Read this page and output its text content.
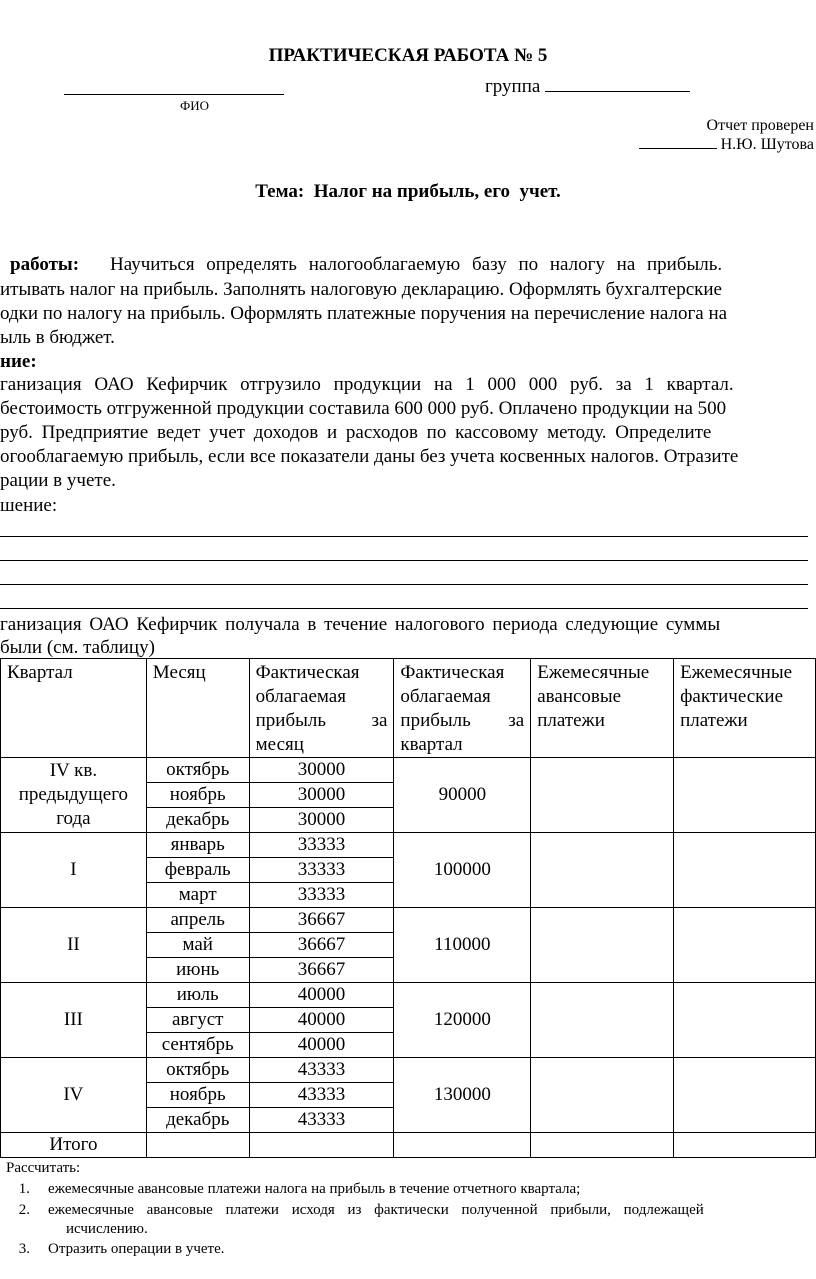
ПРАКТИЧЕСКАЯ РАБОТА № 5
группа
ФИО
Отчет проверен
Н.Ю. Шутова
Тема:  Налог на прибыль, его  учет.
работы: Научиться определять налогооблагаемую базу по налогу на прибыль.
итывать налог на прибыль. Заполнять налоговую декларацию. Оформлять бухгалтерские
одки по налогу на прибыль. Оформлять платежные поручения на перечисление налога на
ыль в бюджет.
ние:
ганизация ОАО Кефирчик отгрузило продукции на 1 000 000 руб. за 1 квартал.
бестоимость отгруженной продукции составила 600 000 руб. Оплачено продукции на 500
руб. Предприятие ведет учет доходов и расходов по кассовому методу. Определите
огооблагаемую прибыль, если все показатели даны без учета косвенных налогов. Отразите
рации в учете.
шение:
ганизация ОАО Кефирчик получала в течение налогового периода следующие суммы
были (см. таблицу)
Квартал	Месяц	Фактическая облагаемая прибыль за месяц	Фактическая облагаемая прибыль за квартал	Ежемесячные авансовые платежи	Ежемесячные фактические платежи
IV кв. предыдущего года	октябрь	30000	90000		
	ноябрь	30000			
	декабрь	30000			
I	январь	33333	100000		
	февраль	33333			
	март	33333			
II	апрель	36667	110000		
	май	36667			
	июнь	36667			
III	июль	40000	120000		
	август	40000			
	сентябрь	40000			
IV	октябрь	43333	130000		
	ноябрь	43333			
	декабрь	43333			
Итого					
Рассчитать:
1. ежемесячные авансовые платежи налога на прибыль в течение отчетного квартала;
2. ежемесячные авансовые платежи исходя из фактически полученной прибыли, подлежащей
исчислению.
3. Отразить операции в учете.
